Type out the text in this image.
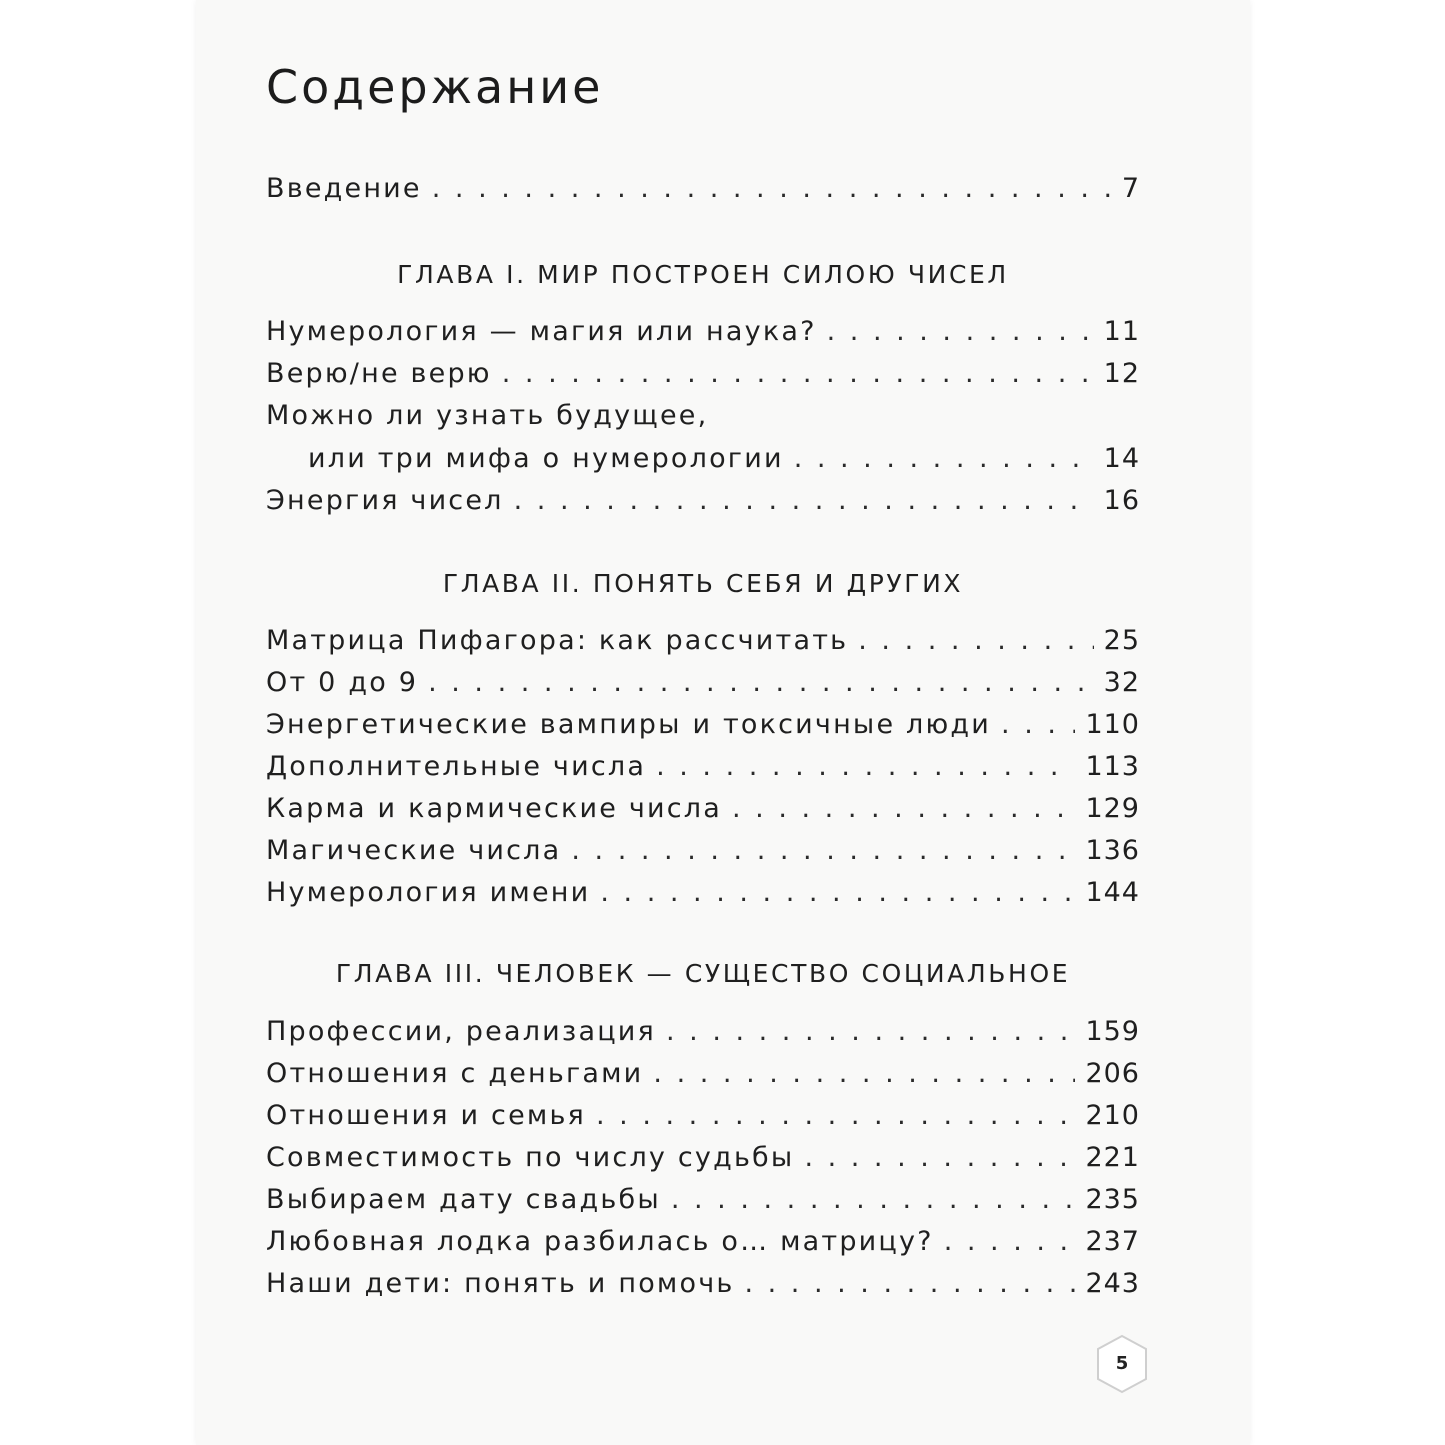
Содержание
Введение . . .	7
ГЛАВА I. МИР ПОСТРОЕН СИЛОЮ ЧИСЕЛ
Нумерология — магия или наука? . . .	11
Верю/не верю . . .	12
Можно ли узнать будущее,
или три мифа о нумерологии . . .	14
Энергия чисел . . .	16
ГЛАВА II. ПОНЯТЬ СЕБЯ И ДРУГИХ
Матрица Пифагора: как рассчитать . . .	25
От 0 до 9 . . .	32
Энергетические вампиры и токсичные люди . . .	110
Дополнительные числа . . .	113
Карма и кармические числа . . .	129
Магические числа . . .	136
Нумерология имени . . .	144
ГЛАВА III. ЧЕЛОВЕК — СУЩЕСТВО СОЦИАЛЬНОЕ
Профессии, реализация . . .	159
Отношения с деньгами . . .	206
Отношения и семья . . .	210
Совместимость по числу судьбы . . .	221
Выбираем дату свадьбы . . .	235
Любовная лодка разбилась о… матрицу? . . .	237
Наши дети: понять и помочь . . .	243
5
